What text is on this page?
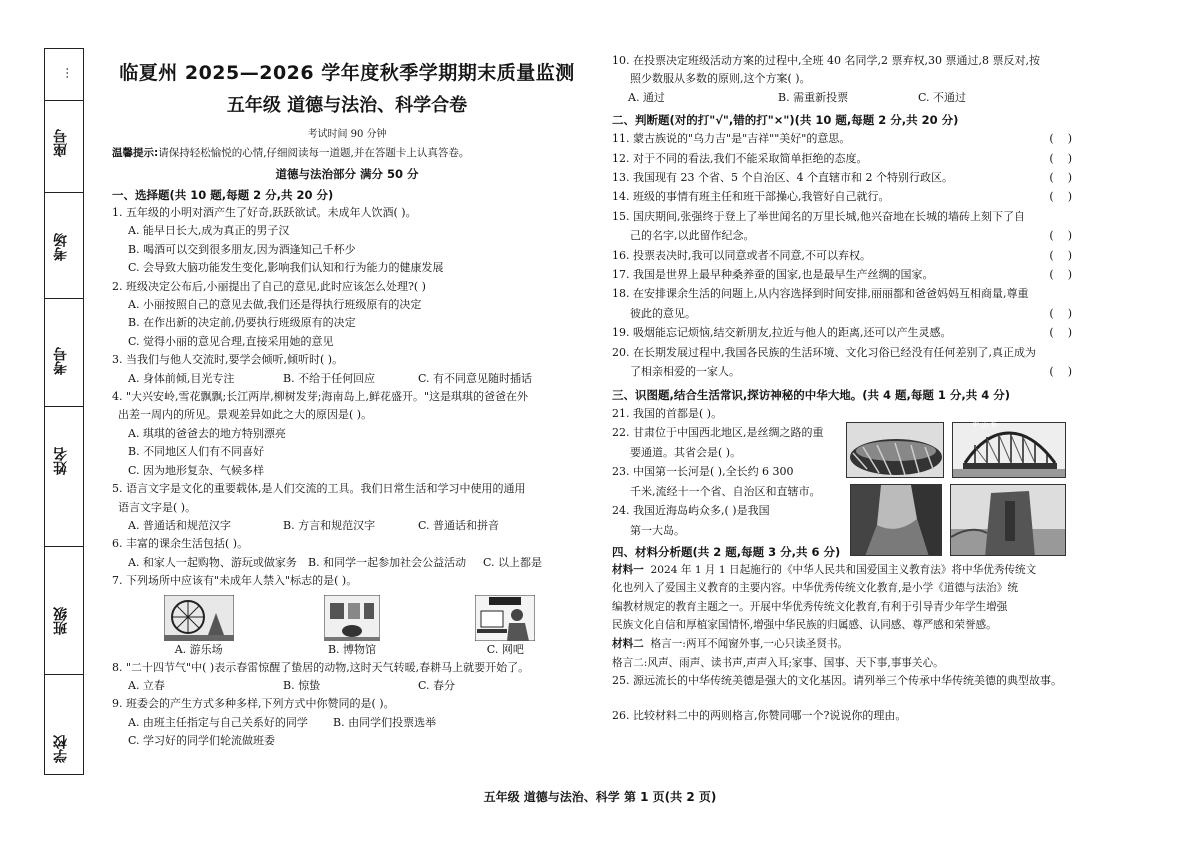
…
座号
考场
考号
姓名
班级
学校
临夏州 2025—2026 学年度秋季学期期末质量监测
五年级 道德与法治、科学合卷
考试时间 90 分钟
温馨提示:请保持轻松愉悦的心情,仔细阅读每一道题,并在答题卡上认真答卷。
道德与法治部分 满分 50 分
一、选择题(共 10 题,每题 2 分,共 20 分)
1. 五年级的小明对酒产生了好奇,跃跃欲试。未成年人饮酒( )。
A. 能早日长大,成为真正的男子汉
B. 喝酒可以交到很多朋友,因为酒逢知己千杯少
C. 会导致大脑功能发生变化,影响我们认知和行为能力的健康发展
2. 班级决定公布后,小丽提出了自己的意见,此时应该怎么处理?( )
A. 小丽按照自己的意见去做,我们还是得执行班级原有的决定
B. 在作出新的决定前,仍要执行班级原有的决定
C. 觉得小丽的意见合理,直接采用她的意见
3. 当我们与他人交流时,要学会倾听,倾听时( )。
A. 身体前倾,目光专注	B. 不给于任何回应	C. 有不同意见随时插话
4. "大兴安岭,雪花飘飘;长江两岸,柳树发芽;海南岛上,鲜花盛开。"这是琪琪的爸爸在外
出差一周内的所见。景观差异如此之大的原因是( )。
A. 琪琪的爸爸去的地方特别漂亮
B. 不同地区人们有不同喜好
C. 因为地形复杂、气候多样
5. 语言文字是文化的重要载体,是人们交流的工具。我们日常生活和学习中使用的通用
语言文字是( )。
A. 普通话和规范汉字	B. 方言和规范汉字	C. 普通话和拼音
6. 丰富的课余生活包括( )。
A. 和家人一起购物、游玩或做家务	B. 和同学一起参加社会公益活动	C. 以上都是
7. 下列场所中应该有"未成年人禁入"标志的是( )。
A. 游乐场	B. 博物馆	C. 网吧
8. "二十四节气"中( )表示春雷惊醒了蛰居的动物,这时天气转暖,春耕马上就要开始了。
A. 立春	B. 惊蛰	C. 春分
9. 班委会的产生方式多种多样,下列方式中你赞同的是( )。
A. 由班主任指定与自己关系好的同学	B. 由同学们投票选举
C. 学习好的同学们轮流做班委
10. 在投票决定班级活动方案的过程中,全班 40 名同学,2 票弃权,30 票通过,8 票反对,按
照少数服从多数的原则,这个方案( )。
A. 通过	B. 需重新投票	C. 不通过
二、判断题(对的打"√",错的打"×")(共 10 题,每题 2 分,共 20 分)
11. 蒙古族说的"乌力吉"是"吉祥""美好"的意思。	(    )
12. 对于不同的看法,我们不能采取简单拒绝的态度。	(    )
13. 我国现有 23 个省、5 个自治区、4 个直辖市和 2 个特别行政区。	(    )
14. 班级的事情有班主任和班干部操心,我管好自己就行。	(    )
15. 国庆期间,张强终于登上了举世闻名的万里长城,他兴奋地在长城的墙砖上刻下了自
己的名字,以此留作纪念。	(    )
16. 投票表决时,我可以同意或者不同意,不可以弃权。	(    )
17. 我国是世界上最早种桑养蚕的国家,也是最早生产丝绸的国家。	(    )
18. 在安排课余生活的问题上,从内容选择到时间安排,丽丽都和爸爸妈妈互相商量,尊重
彼此的意见。	(    )
19. 吸烟能忘记烦恼,结交新朋友,拉近与他人的距离,还可以产生灵感。	(    )
20. 在长期发展过程中,我国各民族的生活环境、文化习俗已经没有任何差别了,真正成为
了相亲相爱的一家人。	(    )
三、识图题,结合生活常识,探访神秘的中华大地。(共 4 题,每题 1 分,共 4 分)
21. 我国的首都是( )。
22. 甘肃位于中国西北地区,是丝绸之路的重
要通道。其省会是( )。
23. 中国第一长河是( ),全长约 6 300
千米,流经十一个省、自治区和直辖市。
24. 我国近海岛屿众多,( )是我国
第一大岛。
四、材料分析题(共 2 题,每题 3 分,共 6 分)
材料一 2024 年 1 月 1 日起施行的《中华人民共和国爱国主义教育法》将中华优秀传统文
化也列入了爱国主义教育的主要内容。中华优秀传统文化教育,是小学《道德与法治》统
编教材规定的教育主题之一。开展中华优秀传统文化教育,有利于引导青少年学生增强
民族文化自信和厚植家国情怀,增强中华民族的归属感、认同感、尊严感和荣誉感。
材料二 格言一:两耳不闻窗外事,一心只读圣贤书。
格言二:风声、雨声、读书声,声声入耳;家事、国事、天下事,事事关心。
25. 源远流长的中华传统美德是强大的文化基因。请列举三个传承中华传统美德的典型故事。
26. 比较材料二中的两则格言,你赞同哪一个?说说你的理由。
中 山 桥
五年级 道德与法治、科学 第 1 页(共 2 页)
